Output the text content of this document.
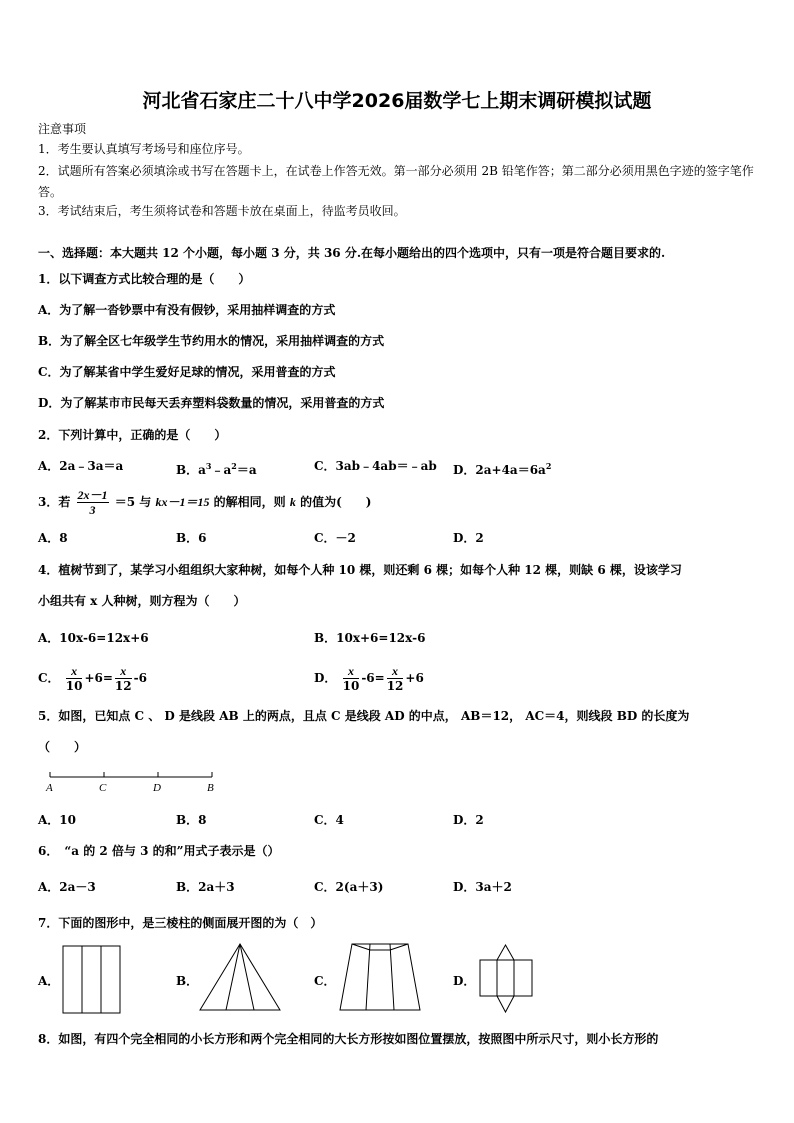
河北省石家庄二十八中学2026届数学七上期末调研模拟试题
注意事项
1．考生要认真填写考场号和座位序号。
2．试题所有答案必须填涂或书写在答题卡上，在试卷上作答无效。第一部分必须用 2B 铅笔作答；第二部分必须用黑色字迹的签字笔作答。
3．考试结束后，考生须将试卷和答题卡放在桌面上，待监考员收回。
一、选择题：本大题共 12 个小题，每小题 3 分，共 36 分.在每小题给出的四个选项中，只有一项是符合题目要求的.
1．以下调查方式比较合理的是（　　）
A．为了解一沓钞票中有没有假钞，采用抽样调查的方式
B．为了解全区七年级学生节约用水的情况，采用抽样调查的方式
C．为了解某省中学生爱好足球的情况，采用普查的方式
D．为了解某市市民每天丢弃塑料袋数量的情况，采用普查的方式
2．下列计算中，正确的是（　　）
A．2a﹣3a＝a	B．$a^3﹣a^2=a$	C．3ab﹣4ab＝﹣ab D．$2a+4a=6a^2$
3．若 $\frac{2x-1}{3} =5$ 与 kx－1＝15 的解相同，则 k 的值为(　　)
A．8	B．6	C．－2	D．2
4．植树节到了，某学习小组组织大家种树，如每个人种 10 棵，则还剩 6 棵；如每个人种 12 棵，则缺 6 棵，设该学习
小组共有 x 人种树，则方程为（　　）
A．10x-6=12x+6	B．10x+6=12x-6
C． $\frac{x}{10} +6= \frac{x}{12} -6$	D． $\frac{x}{10} -6= \frac{x}{12} +6$
5．如图，已知点 C 、 D 是线段 AB 上的两点，且点 C 是线段 AD 的中点， AB＝12， AC＝4，则线段 BD 的长度为
（　　）
A	C	D	B
A．10	B．8	C．4	D．2
6．　“a 的 2 倍与 3 的和”用式子表示是（）
A．2a－3	B．2a＋3	C．2(a＋3)	D．3a＋2
7．下面的图形中，是三棱柱的侧面展开图的为（　）
A．	B．	C．	D．
8．如图，有四个完全相同的小长方形和两个完全相同的大长方形按如图位置摆放，按照图中所示尺寸，则小长方形的
